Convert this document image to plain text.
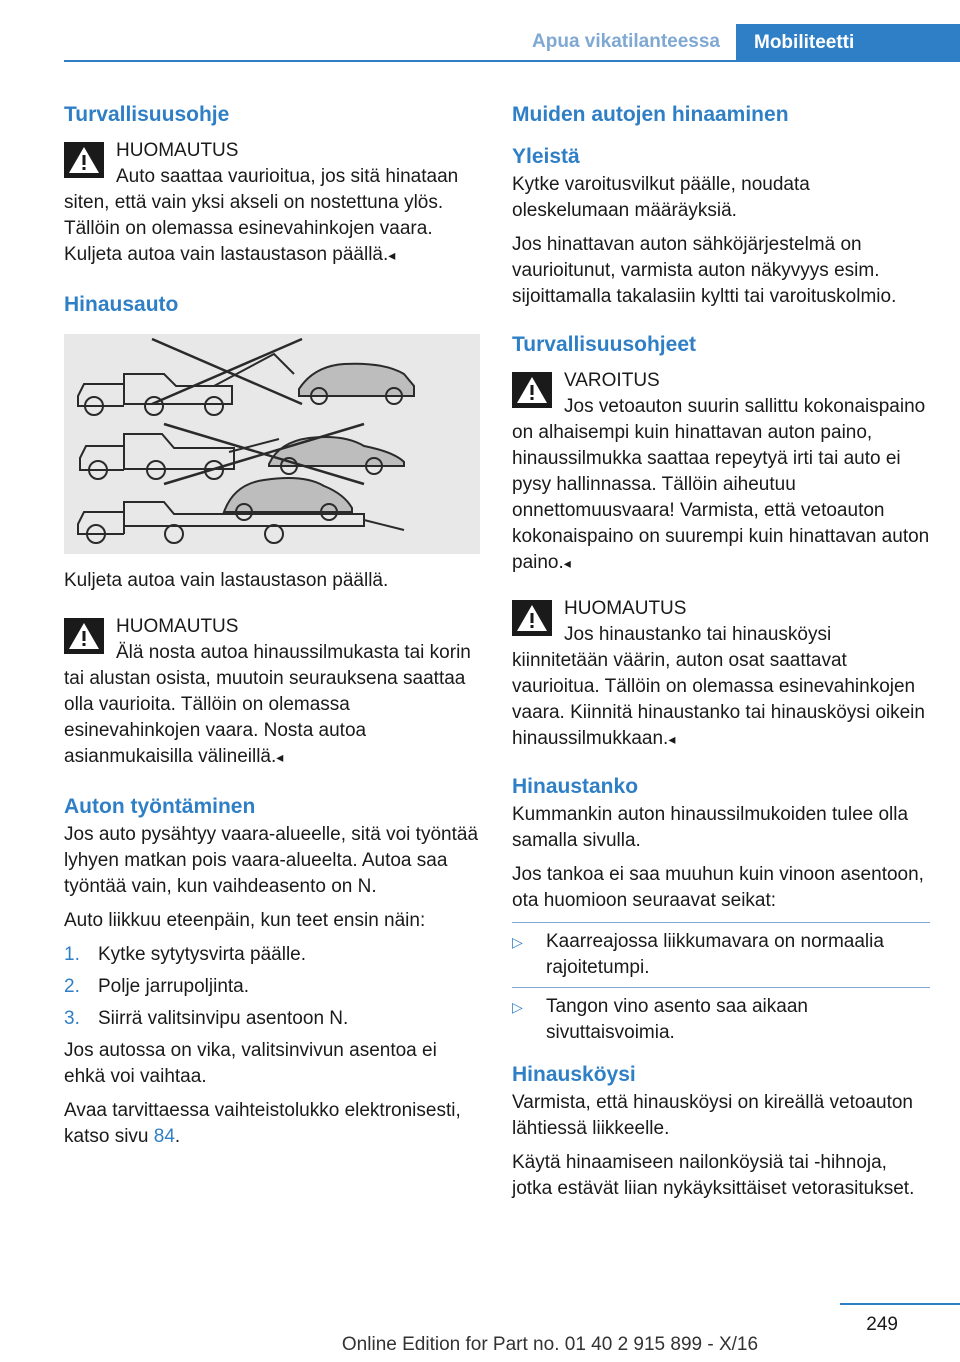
Apua vikatilanteessa	Mobiliteetti
Turvallisuusohje
HUOMAUTUS

Auto saattaa vaurioitua, jos sitä hinataan siten, että vain yksi akseli on nostettuna ylös. Tällöin on olemassa esinevahinkojen vaara. Kuljeta autoa vain lastaustason päällä.◂

Hinausauto

Kuljeta autoa vain lastaustason päällä.

HUOMAUTUS

Älä nosta autoa hinaussilmukasta tai korin tai alustan osista, muutoin seurauksena saattaa olla vaurioita. Tällöin on olemassa esinevahinkojen vaara. Nosta autoa asianmukaisilla välineillä.◂

Auton työntäminen

Jos auto pysähtyy vaara-alueelle, sitä voi työntää lyhyen matkan pois vaara-alueelta. Autoa saa työntää vain, kun vaihdeasento on N.

Auto liikkuu eteenpäin, kun teet ensin näin:

1. Kytke sytytysvirta päälle.
2. Polje jarrupoljinta.
3. Siirrä valitsinvipu asentoon N.

Jos autossa on vika, valitsinvivun asentoa ei ehkä voi vaihtaa.

Avaa tarvittaessa vaihteistolukko elektronisesti, katso sivu 84.

Muiden autojen hinaaminen
Yleistä

Kytke varoitusvilkut päälle, noudata oleskelumaan määräyksiä.

Jos hinattavan auton sähköjärjestelmä on vaurioitunut, varmista auton näkyvyys esim. sijoittamalla takalasiin kyltti tai varoituskolmio.

Turvallisuusohjeet
VAROITUS

Jos vetoauton suurin sallittu kokonaispaino on alhaisempi kuin hinattavan auton paino, hinaussilmukka saattaa repeytyä irti tai auto ei pysy hallinnassa. Tällöin aiheutuu onnettomuusvaara! Varmista, että vetoauton kokonaispaino on suurempi kuin hinattavan auton paino.◂

HUOMAUTUS

Jos hinaustanko tai hinausköysi kiinnitetään väärin, auton osat saattavat vaurioitua. Tällöin on olemassa esinevahinkojen vaara. Kiinnitä hinaustanko tai hinausköysi oikein hinaussilmukkaan.◂

Hinaustanko

Kummankin auton hinaussilmukoiden tulee olla samalla sivulla.

Jos tankoa ei saa muuhun kuin vinoon asentoon, ota huomioon seuraavat seikat:

▷	Kaarreajossa liikkumavara on normaalia rajoitetumpi.
▷	Tangon vino asento saa aikaan sivuttaisvoimia.
Hinausköysi

Varmista, että hinausköysi on kireällä vetoauton lähtiessä liikkeelle.

Käytä hinaamiseen nailonköysiä tai -hihnoja, jotka estävät liian nykäyksittäiset vetorasitukset.

249
Online Edition for Part no. 01 40 2 915 899 - X/16
